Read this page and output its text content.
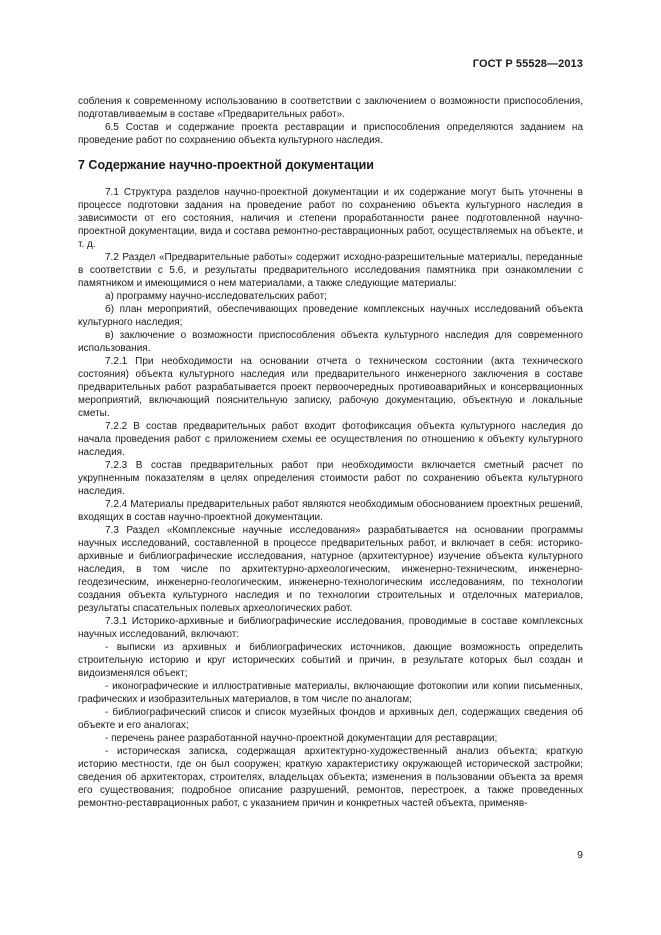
ГОСТ Р 55528—2013

собления к современному использованию в соответствии с заключением о возможности приспособления, подготавливаемым в составе «Предварительных работ».

6.5 Состав и содержание проекта реставрации и приспособления определяются заданием на проведение работ по сохранению объекта культурного наследия.

7 Содержание научно-проектной документации

7.1 Структура разделов научно-проектной документации и их содержание могут быть уточнены в процессе подготовки задания на проведение работ по сохранению объекта культурного наследия в зависимости от его состояния, наличия и степени проработанности ранее подготовленной научно-проектной документации, вида и состава ремонтно-реставрационных работ, осуществляемых на объекте, и т. д.

7.2 Раздел «Предварительные работы» содержит исходно-разрешительные материалы, переданные в соответствии с 5.6, и результаты предварительного исследования памятника при ознакомлении с памятником и имеющимися о нем материалами, а также следующие материалы:

а) программу научно-исследовательских работ;

б) план мероприятий, обеспечивающих проведение комплексных научных исследований объекта культурного наследия;

в) заключение о возможности приспособления объекта культурного наследия для современного использования.

7.2.1 При необходимости на основании отчета о техническом состоянии (акта технического состояния) объекта культурного наследия или предварительного инженерного заключения в составе предварительных работ разрабатывается проект первоочередных противоаварийных и консервационных мероприятий, включающий пояснительную записку, рабочую документацию, объектную и локальные сметы.

7.2.2 В состав предварительных работ входит фотофиксация объекта культурного наследия до начала проведения работ с приложением схемы ее осуществления по отношению к объекту культурного наследия.

7.2.3 В состав предварительных работ при необходимости включается сметный расчет по укрупненным показателям в целях определения стоимости работ по сохранению объекта культурного наследия.

7.2.4 Материалы предварительных работ являются необходимым обоснованием проектных решений, входящих в состав научно-проектной документации.

7.3 Раздел «Комплексные научные исследования» разрабатывается на основании программы научных исследований, составленной в процессе предварительных работ, и включает в себя: историко-архивные и библиографические исследования, натурное (архитектурное) изучение объекта культурного наследия, в том числе по архитектурно-археологическим, инженерно-техническим, инженерно-геодезическим, инженерно-геологическим, инженерно-технологическим исследованиям, по технологии создания объекта культурного наследия и по технологии строительных и отделочных материалов, результаты спасательных полевых археологических работ.

7.3.1 Историко-архивные и библиографические исследования, проводимые в составе комплексных научных исследований, включают:

- выписки из архивных и библиографических источников, дающие возможность определить строительную историю и круг исторических событий и причин, в результате которых был создан и видоизменялся объект;

- иконографические и иллюстративные материалы, включающие фотокопии или копии письменных, графических и изобразительных материалов, в том числе по аналогам;

- библиографический список и список музейных фондов и архивных дел, содержащих сведения об объекте и его аналогах;

- перечень ранее разработанной научно-проектной документации для реставрации;

- историческая записка, содержащая архитектурно-художественный анализ объекта; краткую историю местности, где он был сооружен; краткую характеристику окружающей исторической застройки; сведения об архитекторах, строителях, владельцах объекта; изменения в пользовании объекта за время его существования; подробное описание разрушений, ремонтов, перестроек, а также проведенных ремонтно-реставрационных работ, с указанием причин и конкретных частей объекта, применяв-

9
